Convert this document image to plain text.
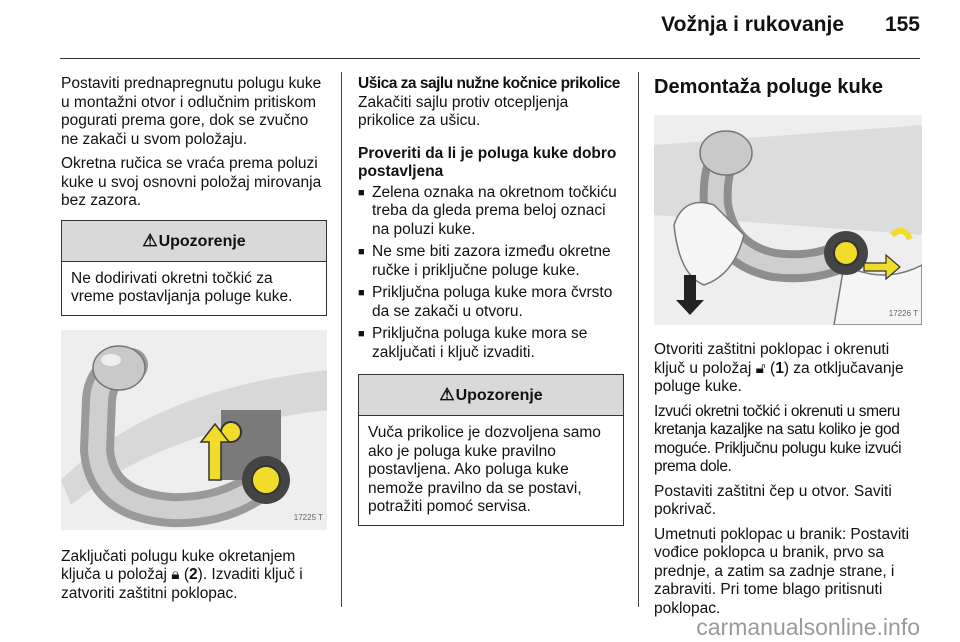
Vožnja i rukovanje 155

Postaviti prednapregnutu polugu kuke u montažni otvor i odlučnim pritiskom pogurati prema gore, dok se zvučno ne zakači u svom položaju.

Okretna ručica se vraća prema poluzi kuke u svoj osnovni položaj mirovanja bez zazora.

⚠Upozorenje
Ne dodirivati okretni točkić za vreme postavljanja poluge kuke.
17225 T

Zaključati polugu kuke okretanjem ključa u položaj 🔒︎ (2). Izvaditi ključ i zatvoriti zaštitni poklopac.

Ušica za sajlu nužne kočnice prikolice

Zakačiti sajlu protiv otcepljenja prikolice za ušicu.

Proveriti da li je poluga kuke dobro postavljena

■ Zelena oznaka na okretnom točkiću treba da gleda prema beloj oznaci na poluzi kuke.
■ Ne sme biti zazora između okretne ručke i priključne poluge kuke.
■ Priključna poluga kuke mora čvrsto da se zakači u otvoru.
■ Priključna poluga kuke mora se zaključati i ključ izvaditi.
⚠Upozorenje
Vuča prikolice je dozvoljena samo ako je poluga kuke pravilno postavljena. Ako poluga kuke nemože pravilno da se postavi, potražiti pomoć servisa.
Demontaža poluge kuke
17226 T

Otvoriti zaštitni poklopac i okrenuti ključ u položaj 🔓︎ (1) za otključavanje poluge kuke.

Izvući okretni točkić i okrenuti u smeru kretanja kazaljke na satu koliko je god moguće. Priključnu polugu kuke izvući prema dole.

Postaviti zaštitni čep u otvor. Saviti pokrivač.

Umetnuti poklopac u branik: Postaviti vođice poklopca u branik, prvo sa prednje, a zatim sa zadnje strane, i zabraviti. Pri tome blago pritisnuti poklopac.

carmanualsonline.info
